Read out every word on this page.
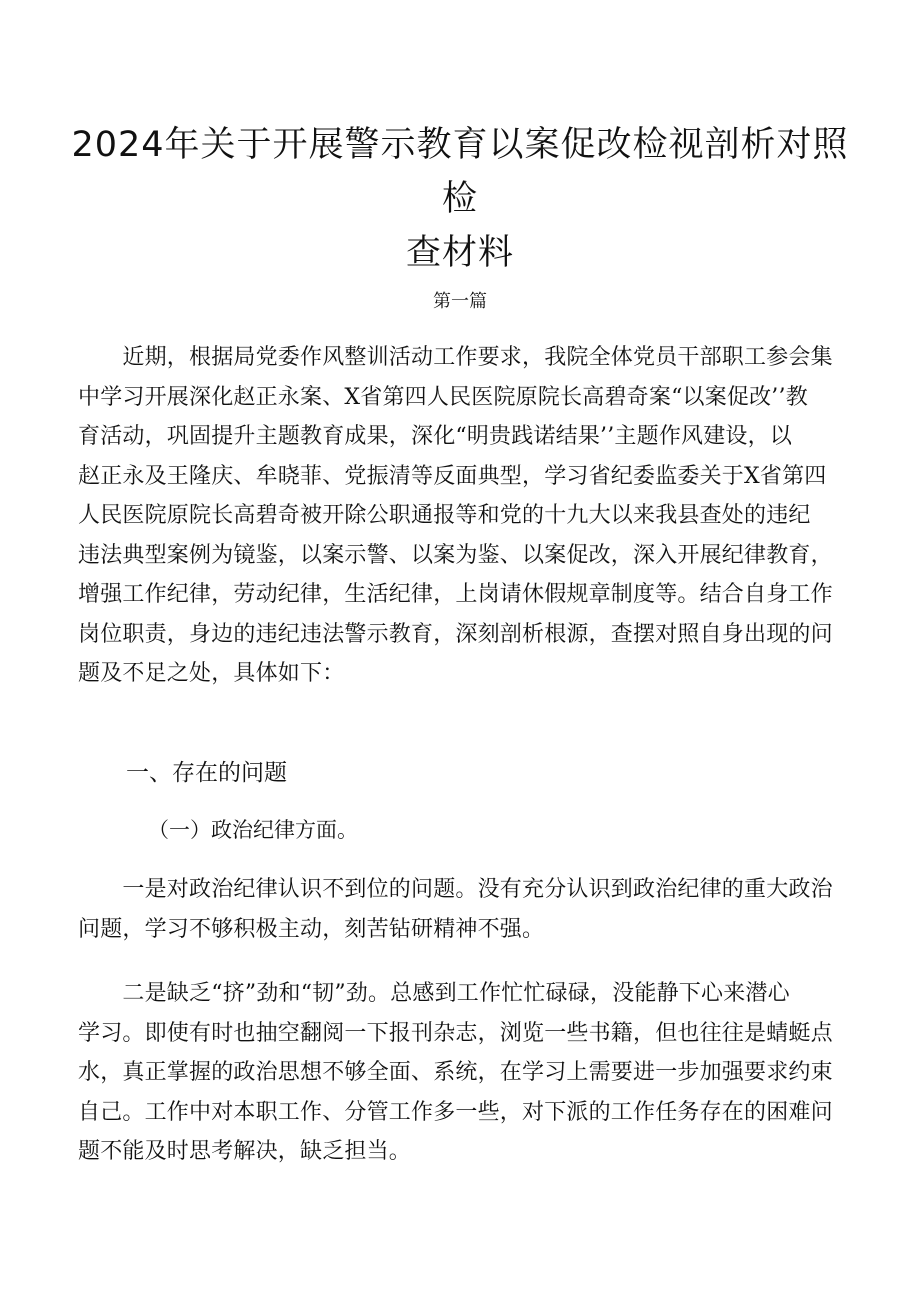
2024年关于开展警示教育以案促改检视剖析对照检
查材料
第一篇
　　近期，根据局党委作风整训活动工作要求，我院全体党员干部职工参会集
中学习开展深化赵正永案、X省第四人民医院原院长高碧奇案“以案促改’’教
育活动，巩固提升主题教育成果，深化“明贵践诺结果’’主题作风建设，以
赵正永及王隆庆、牟晓菲、党振清等反面典型，学习省纪委监委关于X省第四
人民医院原院长高碧奇被开除公职通报等和党的十九大以来我县查处的违纪
违法典型案例为镜鉴，以案示警、以案为鉴、以案促改，深入开展纪律教育，
增强工作纪律，劳动纪律，生活纪律，上岗请休假规章制度等。结合自身工作
岗位职责，身边的违纪违法警示教育，深刻剖析根源，查摆对照自身出现的问
题及不足之处，具体如下：
一、存在的问题
（一）政治纪律方面。
　　一是对政治纪律认识不到位的问题。没有充分认识到政治纪律的重大政治
问题，学习不够积极主动，刻苦钻研精神不强。
　　二是缺乏“挤”劲和“韧”劲。总感到工作忙忙碌碌，没能静下心来潜心
学习。即使有时也抽空翻阅一下报刊杂志，浏览一些书籍，但也往往是蜻蜓点
水，真正掌握的政治思想不够全面、系统，在学习上需要进一步加强要求约束
自己。工作中对本职工作、分管工作多一些，对下派的工作任务存在的困难问
题不能及时思考解决，缺乏担当。
